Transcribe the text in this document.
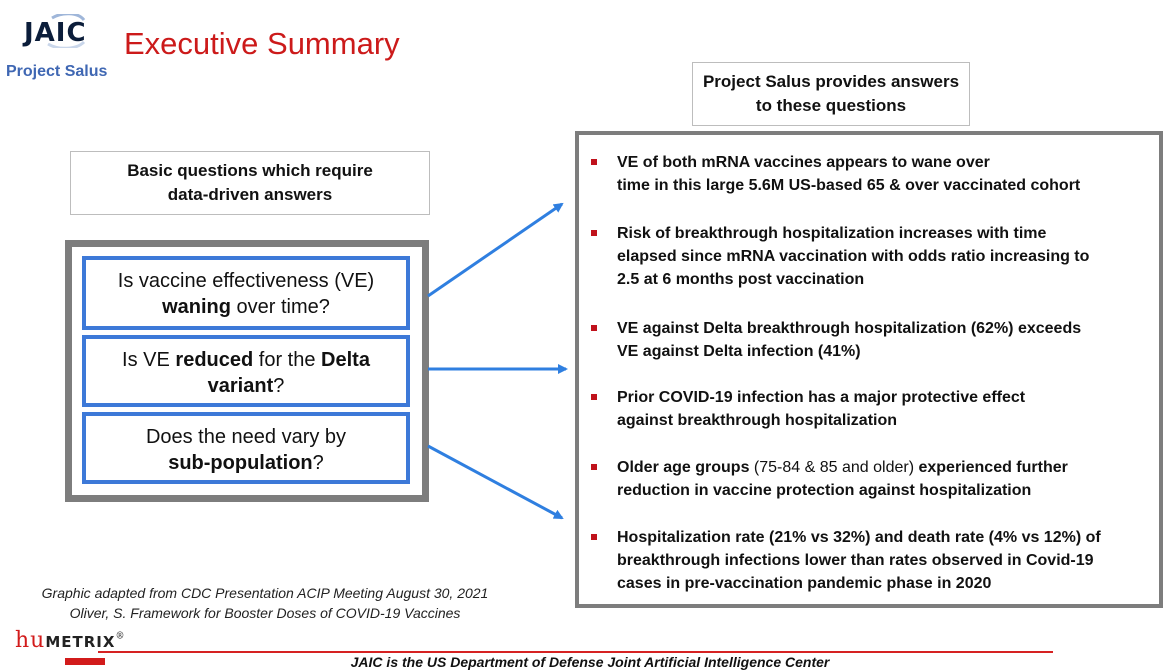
JAIC
Project Salus
Executive Summary
Basic questions which require
data-driven answers
Is vaccine effectiveness (VE)
waning over time?
Is VE reduced for the Delta
variant?
Does the need vary by
sub-population?
Project Salus provides answers
to these questions
VE of both mRNA vaccines appears to wane over
time in this large 5.6M US-based 65 & over vaccinated cohort
Risk of breakthrough hospitalization increases with time
elapsed since mRNA vaccination with odds ratio increasing to
2.5 at 6 months post vaccination
VE against Delta breakthrough hospitalization (62%) exceeds
VE against Delta infection (41%)
Prior COVID-19 infection has a major protective effect
against breakthrough hospitalization
Older age groups (75-84 & 85 and older) experienced further
reduction in vaccine protection against hospitalization
Hospitalization rate (21% vs 32%) and death rate (4% vs 12%) of
breakthrough infections lower than rates observed in Covid-19
cases in pre-vaccination pandemic phase in 2020
Graphic adapted from CDC Presentation ACIP Meeting August 30, 2021
Oliver, S. Framework for Booster Doses of COVID-19 Vaccines
huMETRIX®
JAIC is the US Department of Defense Joint Artificial Intelligence Center
